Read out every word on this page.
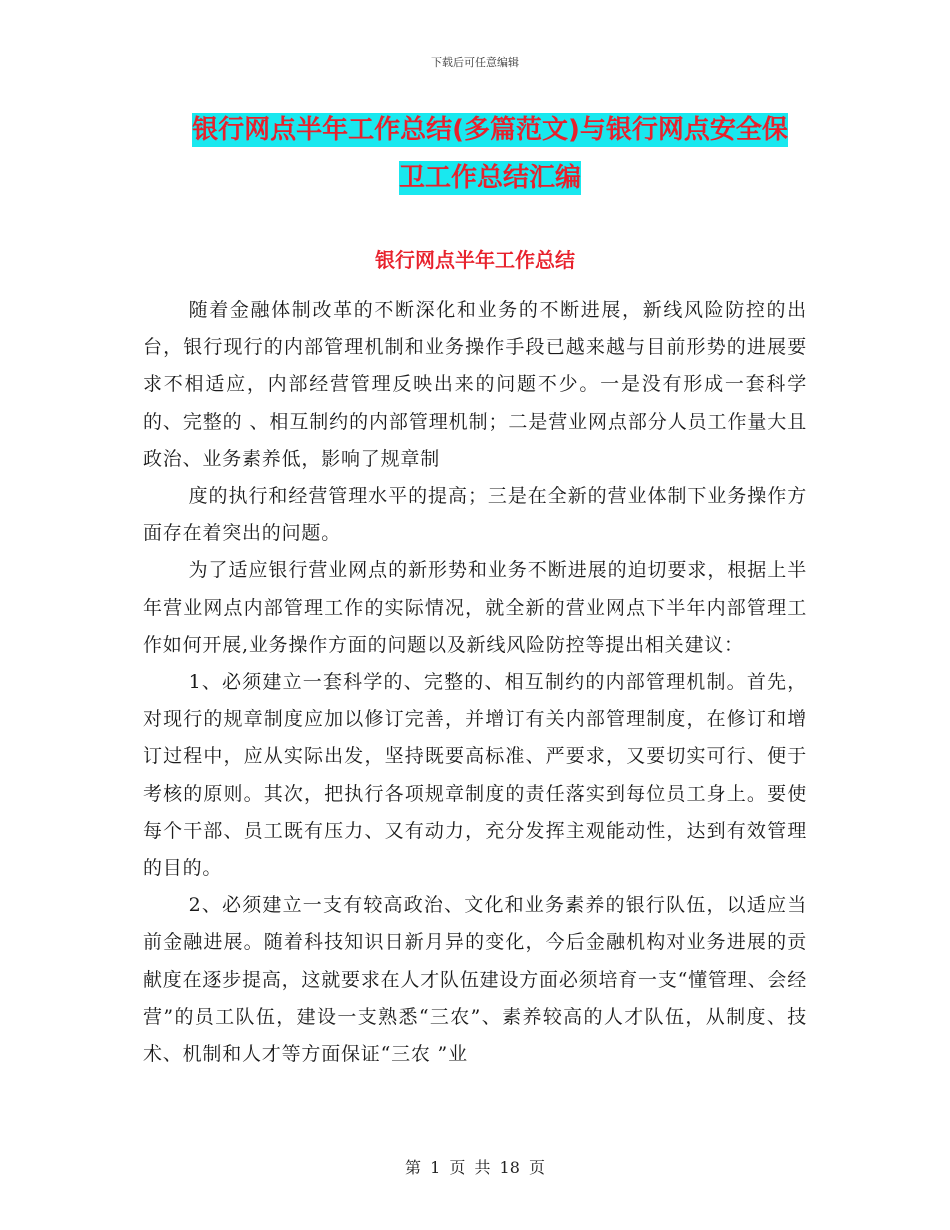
下载后可任意编辑
银行网点半年工作总结(多篇范文)与银行网点安全保
卫工作总结汇编
银行网点半年工作总结

随着金融体制改革的不断深化和业务的不断进展，新线风险防控的出台，银行现行的内部管理机制和业务操作手段已越来越与目前形势的进展要求不相适应，内部经营管理反映出来的问题不少。一是没有形成一套科学的、完整的 、相互制约的内部管理机制；二是营业网点部分人员工作量大且政治、业务素养低，影响了规章制

度的执行和经营管理水平的提高；三是在全新的营业体制下业务操作方面存在着突出的问题。

为了适应银行营业网点的新形势和业务不断进展的迫切要求，根据上半年营业网点内部管理工作的实际情况，就全新的营业网点下半年内部管理工作如何开展,业务操作方面的问题以及新线风险防控等提出相关建议：

1、必须建立一套科学的、完整的、相互制约的内部管理机制。首先，对现行的规章制度应加以修订完善，并增订有关内部管理制度，在修订和增订过程中，应从实际出发，坚持既要高标准、严要求，又要切实可行、便于考核的原则。其次，把执行各项规章制度的责任落实到每位员工身上。要使每个干部、员工既有压力、又有动力，充分发挥主观能动性，达到有效管理的目的。

2、必须建立一支有较高政治、文化和业务素养的银行队伍，以适应当前金融进展。随着科技知识日新月异的变化，今后金融机构对业务进展的贡献度在逐步提高，这就要求在人才队伍建设方面必须培育一支“懂管理、会经营”的员工队伍，建设一支熟悉“三农”、素养较高的人才队伍，从制度、技术、机制和人才等方面保证“三农 ”业

第 1 页 共 18 页
